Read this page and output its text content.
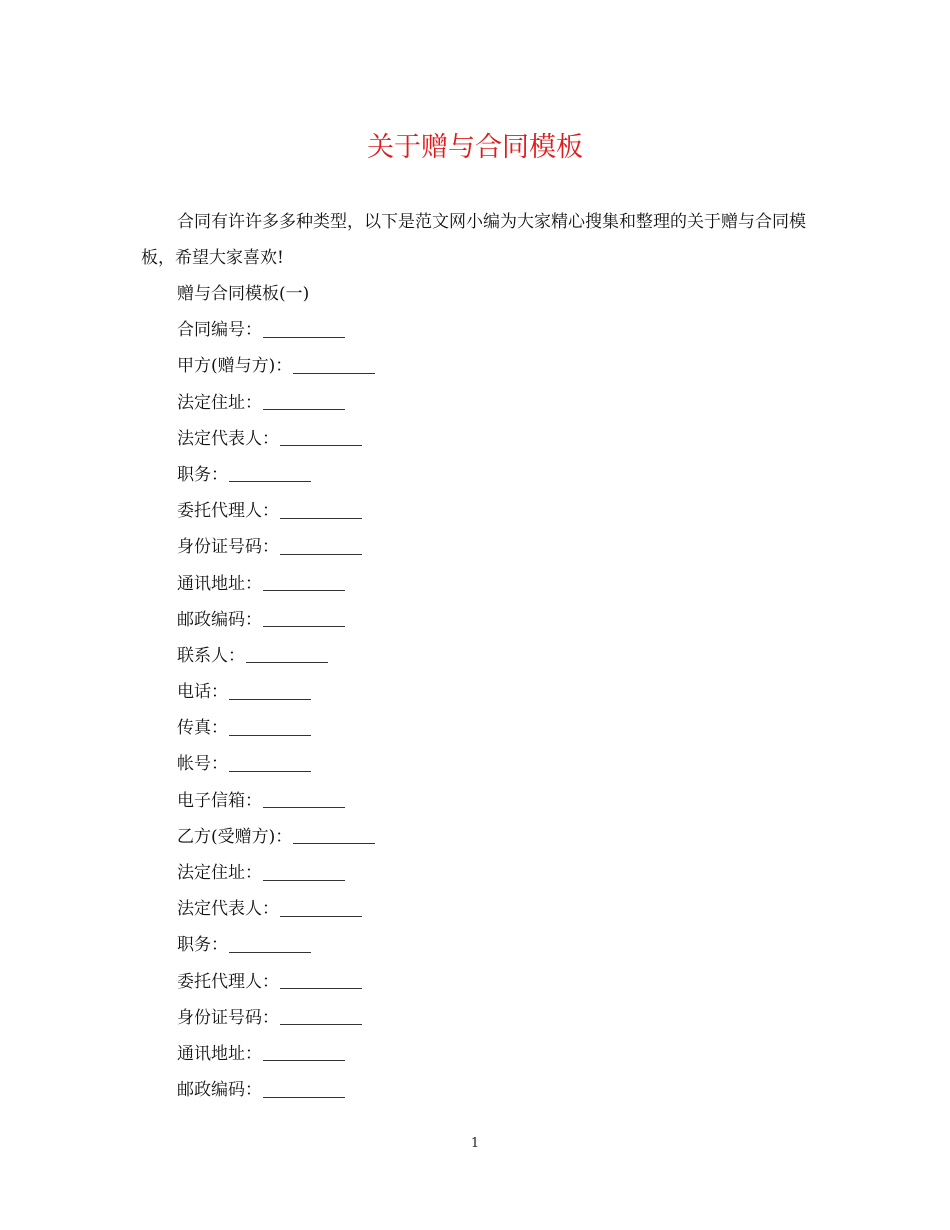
关于赠与合同模板

合同有许许多多种类型，以下是范文网小编为大家精心搜集和整理的关于赠与合同模板，希望大家喜欢!

赠与合同模板(一)
合同编号：
甲方(赠与方)：
法定住址：
法定代表人：
职务：
委托代理人：
身份证号码：
通讯地址：
邮政编码：
联系人：
电话：
传真：
帐号：
电子信箱：
乙方(受赠方)：
法定住址：
法定代表人：
职务：
委托代理人：
身份证号码：
通讯地址：
邮政编码：
1
